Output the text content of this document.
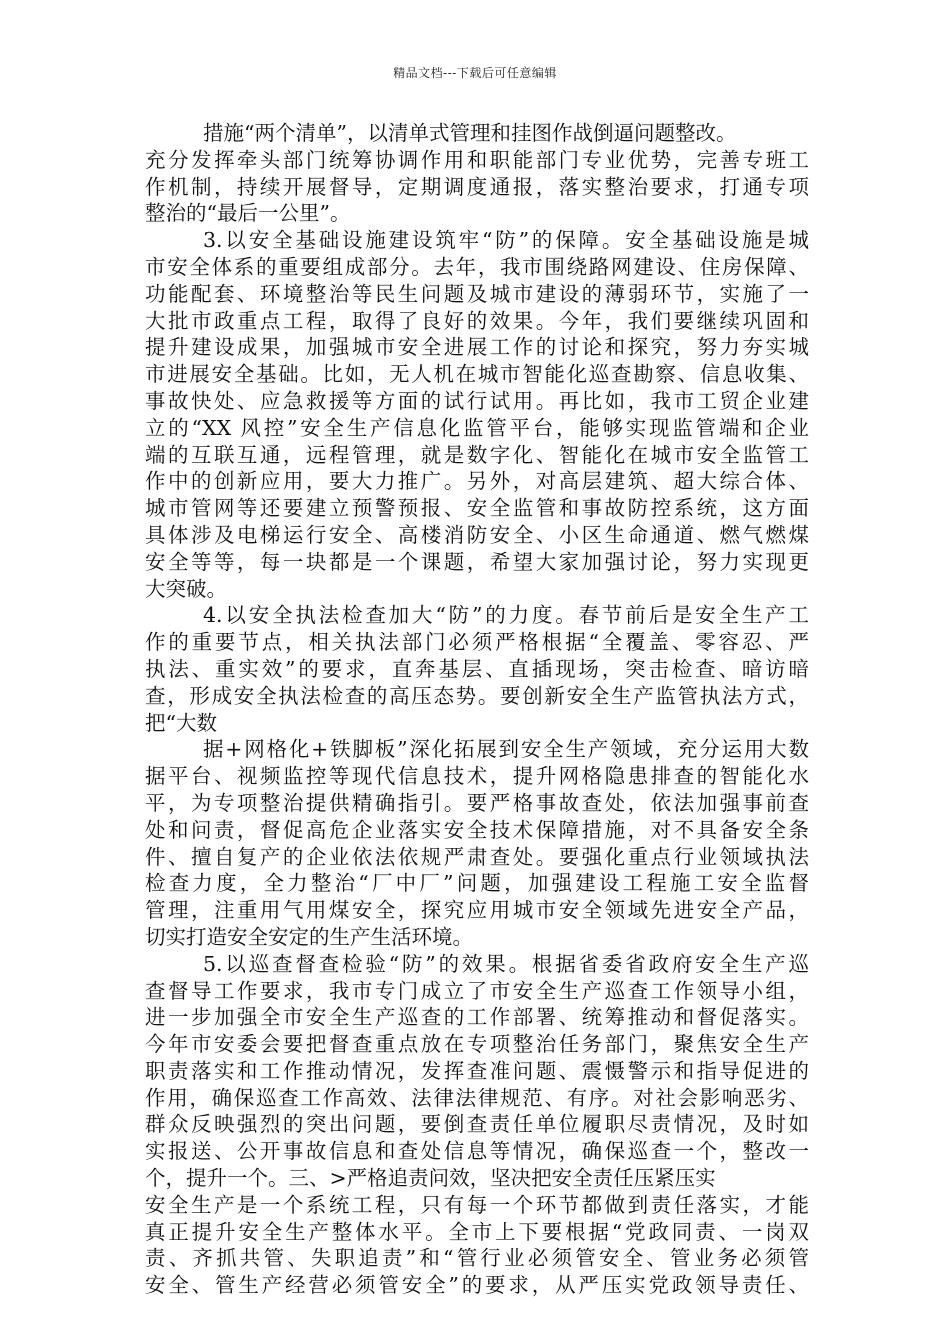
精品文档---下载后可任意编辑
措施“两个清单”，以清单式管理和挂图作战倒逼问题整改。
充分发挥牵头部门统筹协调作用和职能部门专业优势，完善专班工
作机制，持续开展督导，定期调度通报，落实整治要求，打通专项
整治的“最后一公里”。
3.以安全基础设施建设筑牢“防”的保障。安全基础设施是城
市安全体系的重要组成部分。去年，我市围绕路网建设、住房保障、
功能配套、环境整治等民生问题及城市建设的薄弱环节，实施了一
大批市政重点工程，取得了良好的效果。今年，我们要继续巩固和
提升建设成果，加强城市安全进展工作的讨论和探究，努力夯实城
市进展安全基础。比如，无人机在城市智能化巡查勘察、信息收集、
事故快处、应急救援等方面的试行试用。再比如，我市工贸企业建
立的“XX 风控”安全生产信息化监管平台，能够实现监管端和企业
端的互联互通，远程管理，就是数字化、智能化在城市安全监管工
作中的创新应用，要大力推广。另外，对高层建筑、超大综合体、
城市管网等还要建立预警预报、安全监管和事故防控系统，这方面
具体涉及电梯运行安全、高楼消防安全、小区生命通道、燃气燃煤
安全等等，每一块都是一个课题，希望大家加强讨论，努力实现更
大突破。
4.以安全执法检查加大“防”的力度。春节前后是安全生产工
作的重要节点，相关执法部门必须严格根据“全覆盖、零容忍、严
执法、重实效”的要求，直奔基层、直插现场，突击检查、暗访暗
查，形成安全执法检查的高压态势。要创新安全生产监管执法方式，
把“大数
据+网格化+铁脚板”深化拓展到安全生产领域，充分运用大数
据平台、视频监控等现代信息技术，提升网格隐患排查的智能化水
平，为专项整治提供精确指引。要严格事故查处，依法加强事前查
处和问责，督促高危企业落实安全技术保障措施，对不具备安全条
件、擅自复产的企业依法依规严肃查处。要强化重点行业领域执法
检查力度，全力整治“厂中厂”问题，加强建设工程施工安全监督
管理，注重用气用煤安全，探究应用城市安全领域先进安全产品，
切实打造安全安定的生产生活环境。
5.以巡查督查检验“防”的效果。根据省委省政府安全生产巡
查督导工作要求，我市专门成立了市安全生产巡查工作领导小组，
进一步加强全市安全生产巡查的工作部署、统筹推动和督促落实。
今年市安委会要把督查重点放在专项整治任务部门，聚焦安全生产
职责落实和工作推动情况，发挥查准问题、震慑警示和指导促进的
作用，确保巡查工作高效、法律法律规范、有序。对社会影响恶劣、
群众反映强烈的突出问题，要倒查责任单位履职尽责情况，及时如
实报送、公开事故信息和查处信息等情况，确保巡查一个，整改一
个，提升一个。三、>严格追责问效，坚决把安全责任压紧压实
安全生产是一个系统工程，只有每一个环节都做到责任落实，才能
真正提升安全生产整体水平。全市上下要根据“党政同责、一岗双
责、齐抓共管、失职追责”和“管行业必须管安全、管业务必须管
安全、管生产经营必须管安全”的要求，从严压实党政领导责任、
